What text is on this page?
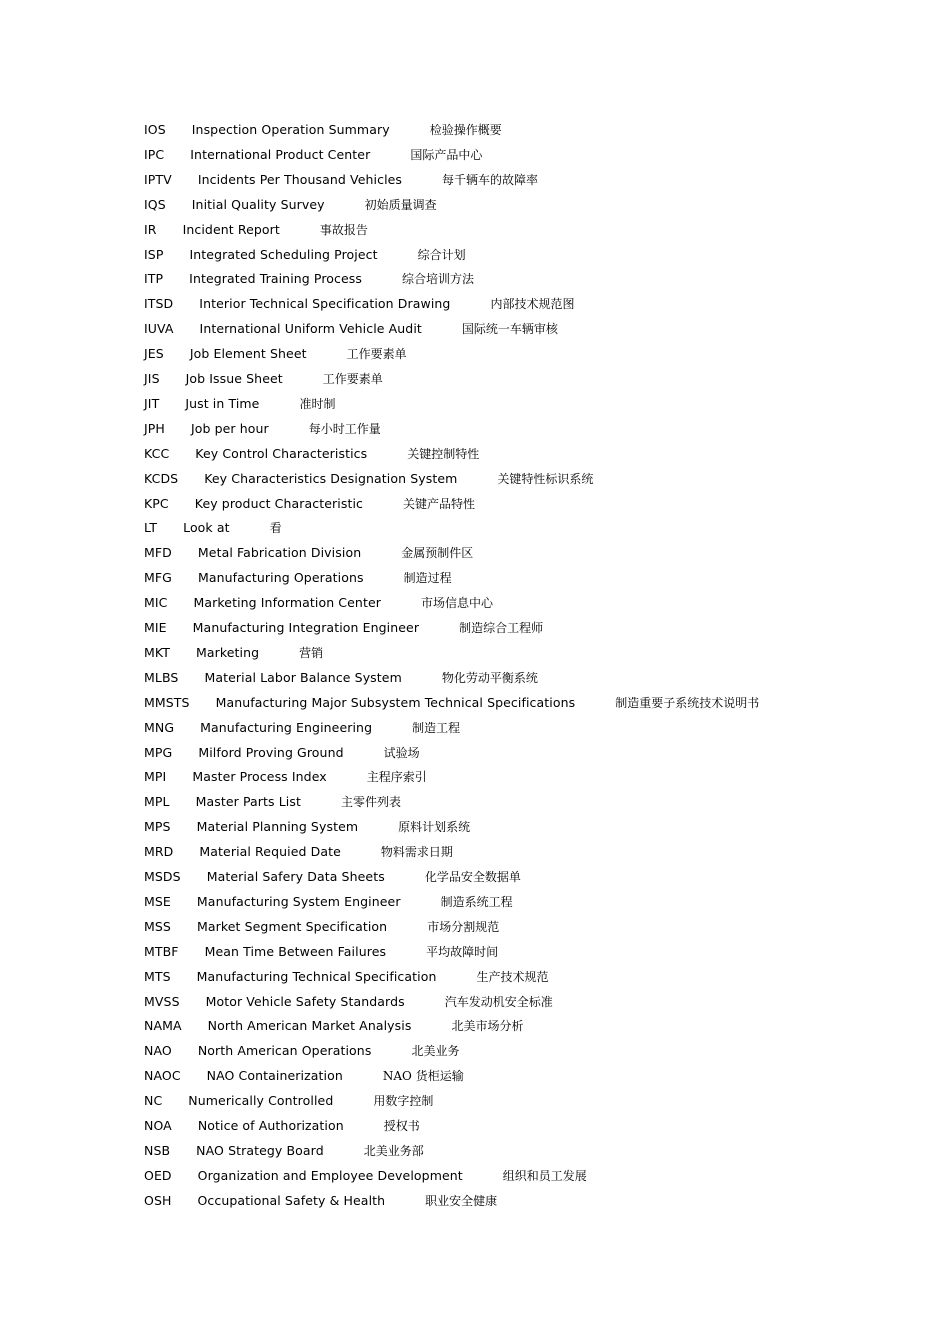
IOS Inspection Operation Summary	检验操作概要
IPC International Product Center	国际产品中心
IPTV Incidents Per Thousand Vehicles	每千辆车的故障率
IQS Initial Quality Survey	初始质量调查
IR Incident Report	事故报告
ISP Integrated Scheduling Project	综合计划
ITP Integrated Training Process	综合培训方法
ITSD Interior Technical Specification Drawing	内部技术规范图
IUVA International Uniform Vehicle Audit	国际统一车辆审核
JES Job Element Sheet	工作要素单
JIS Job Issue Sheet	工作要素单
JIT Just in Time	准时制
JPH Job per hour	每小时工作量
KCC Key Control Characteristics	关键控制特性
KCDS Key Characteristics Designation System	关键特性标识系统
KPC Key product Characteristic	关键产品特性
LT Look at	看
MFD Metal Fabrication Division	金属预制件区
MFG Manufacturing Operations	制造过程
MIC Marketing Information Center	市场信息中心
MIE Manufacturing Integration Engineer	制造综合工程师
MKT Marketing	营销
MLBS Material Labor Balance System	物化劳动平衡系统
MMSTS Manufacturing Major Subsystem Technical Specifications	制造重要子系统技术说明书
MNG Manufacturing Engineering	制造工程
MPG Milford Proving Ground	试验场
MPI Master Process Index	主程序索引
MPL Master Parts List	主零件列表
MPS Material Planning System	原料计划系统
MRD Material Requied Date	物料需求日期
MSDS Material Safery Data Sheets	化学品安全数据单
MSE Manufacturing System Engineer	制造系统工程
MSS Market Segment Specification	市场分割规范
MTBF Mean Time Between Failures	平均故障时间
MTS Manufacturing Technical Specification	生产技术规范
MVSS Motor Vehicle Safety Standards	汽车发动机安全标准
NAMA North American Market Analysis	北美市场分析
NAO North American Operations	北美业务
NAOC NAO Containerization	NAO 货柜运输
NC Numerically Controlled	用数字控制
NOA Notice of Authorization	授权书
NSB NAO Strategy Board	北美业务部
OED Organization and Employee Development	组织和员工发展
OSH Occupational Safety & Health	职业安全健康
